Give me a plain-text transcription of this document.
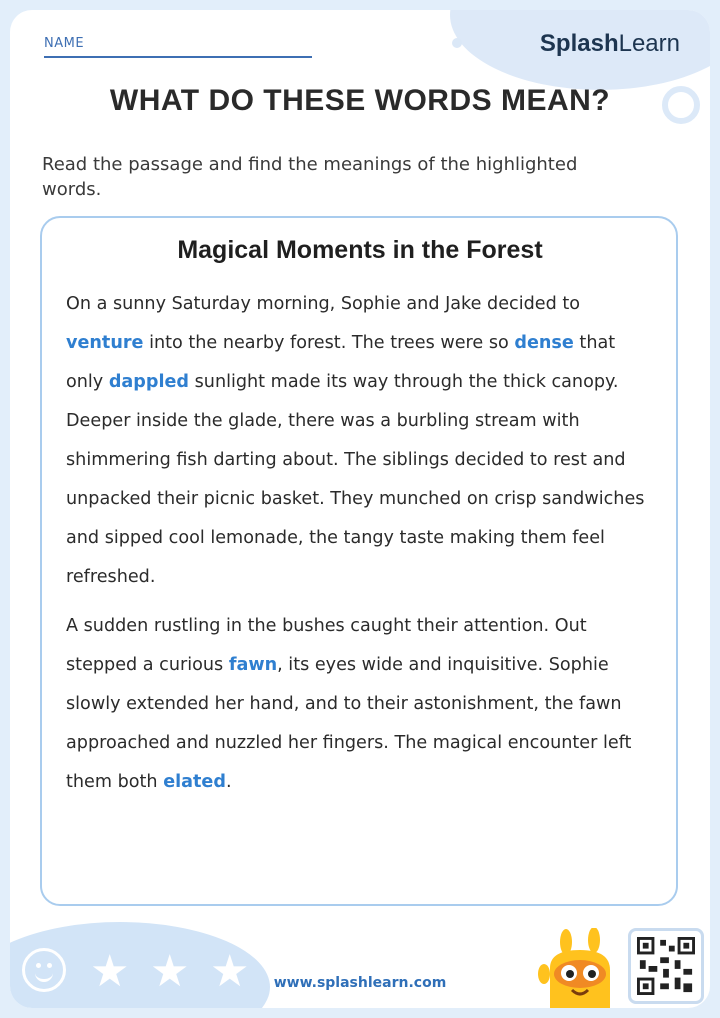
SplashLearn

NAME
WHAT DO THESE WORDS MEAN?

Read the passage and find the meanings of the highlighted words.

Magical Moments in the Forest

On a sunny Saturday morning, Sophie and Jake decided to venture into the nearby forest. The trees were so dense that only dappled sunlight made its way through the thick canopy. Deeper inside the glade, there was a burbling stream with shimmering fish darting about. The siblings decided to rest and unpacked their picnic basket. They munched on crisp sandwiches and sipped cool lemonade, the tangy taste making them feel refreshed.

A sudden rustling in the bushes caught their attention. Out stepped a curious fawn, its eyes wide and inquisitive. Sophie slowly extended her hand, and to their astonishment, the fawn approached and nuzzled her fingers. The magical encounter left them both elated.

★ ★ ★	www.splashlearn.com
